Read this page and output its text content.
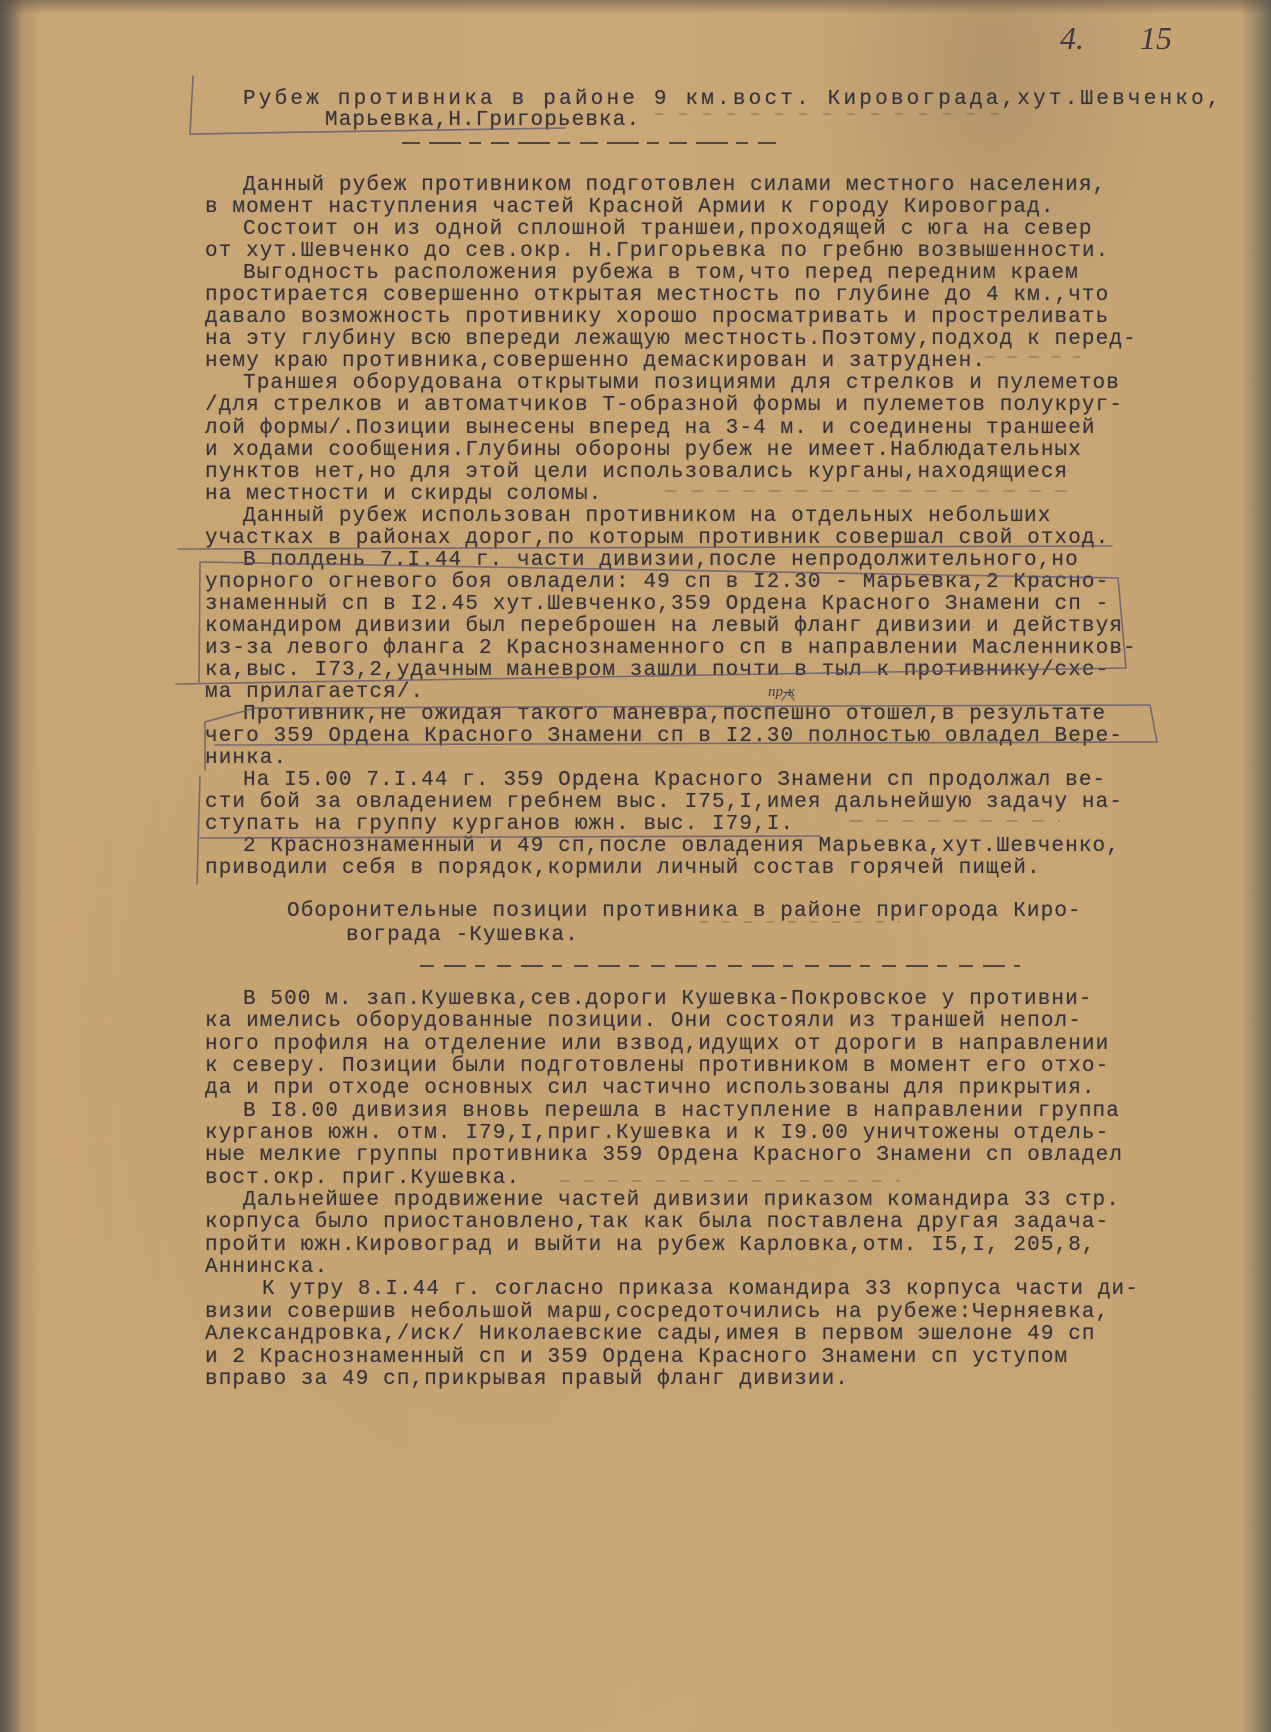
4. 15
Рубеж противника в районе 9 км.вост. Кировограда,хут.Шевченко,
Марьевка,Н.Григорьевка.
Данный рубеж противником подготовлен силами местного населения,
в момент наступления частей Красной Армии к городу Кировоград.
Состоит он из одной сплошной траншеи,проходящей с юга на север
от хут.Шевченко до сев.окр. Н.Григорьевка по гребню возвышенности.
Выгодность расположения рубежа в том,что перед передним краем
простирается совершенно открытая местность по глубине до 4 км.,что
давало возможность противнику хорошо просматривать и простреливать
на эту глубину всю впереди лежащую местность.Поэтому,подход к перед-
нему краю противника,совершенно демаскирован и затруднен.
Траншея оборудована открытыми позициями для стрелков и пулеметов
/для стрелков и автоматчиков Т-образной формы и пулеметов полукруг-
лой формы/.Позиции вынесены вперед на 3-4 м. и соединены траншеей
и ходами сообщения.Глубины обороны рубеж не имеет.Наблюдательных
пунктов нет,но для этой цели использовались курганы,находящиеся
на местности и скирды соломы.
Данный рубеж использован противником на отдельных небольших
участках в районах дорог,по которым противник совершал свой отход.
В полдень 7.I.44 г. части дивизии,после непродолжительного,но
упорного огневого боя овладели: 49 сп в I2.30 - Марьевка,2 Красно-
знаменный сп в I2.45 хут.Шевченко,359 Ордена Красного Знамени сп -
командиром дивизии был переброшен на левый фланг дивизии и действуя
из-за левого фланга 2 Краснознаменного сп в направлении Масленников-
ка,выс. I73,2,удачным маневром зашли почти в тыл к противнику/схе-
ма прилагается/.
Противник,не ожидая такого маневра,поспешно отошел,в результате
чего 359 Ордена Красного Знамени сп в I2.30 полностью овладел Вере-
нинка.
На I5.00 7.I.44 г. 359 Ордена Красного Знамени сп продолжал ве-
сти бой за овладением гребнем выс. I75,I,имея дальнейшую задачу на-
ступать на группу курганов южн. выс. I79,I.
2 Краснознаменный и 49 сп,после овладения Марьевка,хут.Шевченко,
приводили себя в порядок,кормили личный состав горячей пищей.
пр-к
Оборонительные позиции противника в районе пригорода Киро-
вограда -Кушевка.
В 500 м. зап.Кушевка,сев.дороги Кушевка-Покровское у противни-
ка имелись оборудованные позиции. Они состояли из траншей непол-
ного профиля на отделение или взвод,идущих от дороги в направлении
к северу. Позиции были подготовлены противником в момент его отхо-
да и при отходе основных сил частично использованы для прикрытия.
В I8.00 дивизия вновь перешла в наступление в направлении группа
курганов южн. отм. I79,I,приг.Кушевка и к I9.00 уничтожены отдель-
ные мелкие группы противника 359 Ордена Красного Знамени сп овладел
вост.окр. приг.Кушевка.
Дальнейшее продвижение частей дивизии приказом командира 33 стр.
корпуса было приостановлено,так как была поставлена другая задача-
пройти южн.Кировоград и выйти на рубеж Карловка,отм. I5,I, 205,8,
Аннинска.
К утру 8.I.44 г. согласно приказа командира 33 корпуса части ди-
визии совершив небольшой марш,сосредоточились на рубеже:Черняевка,
Александровка,/иск/ Николаевские сады,имея в первом эшелоне 49 сп
и 2 Краснознаменный сп и 359 Ордена Красного Знамени сп уступом
вправо за 49 сп,прикрывая правый фланг дивизии.
